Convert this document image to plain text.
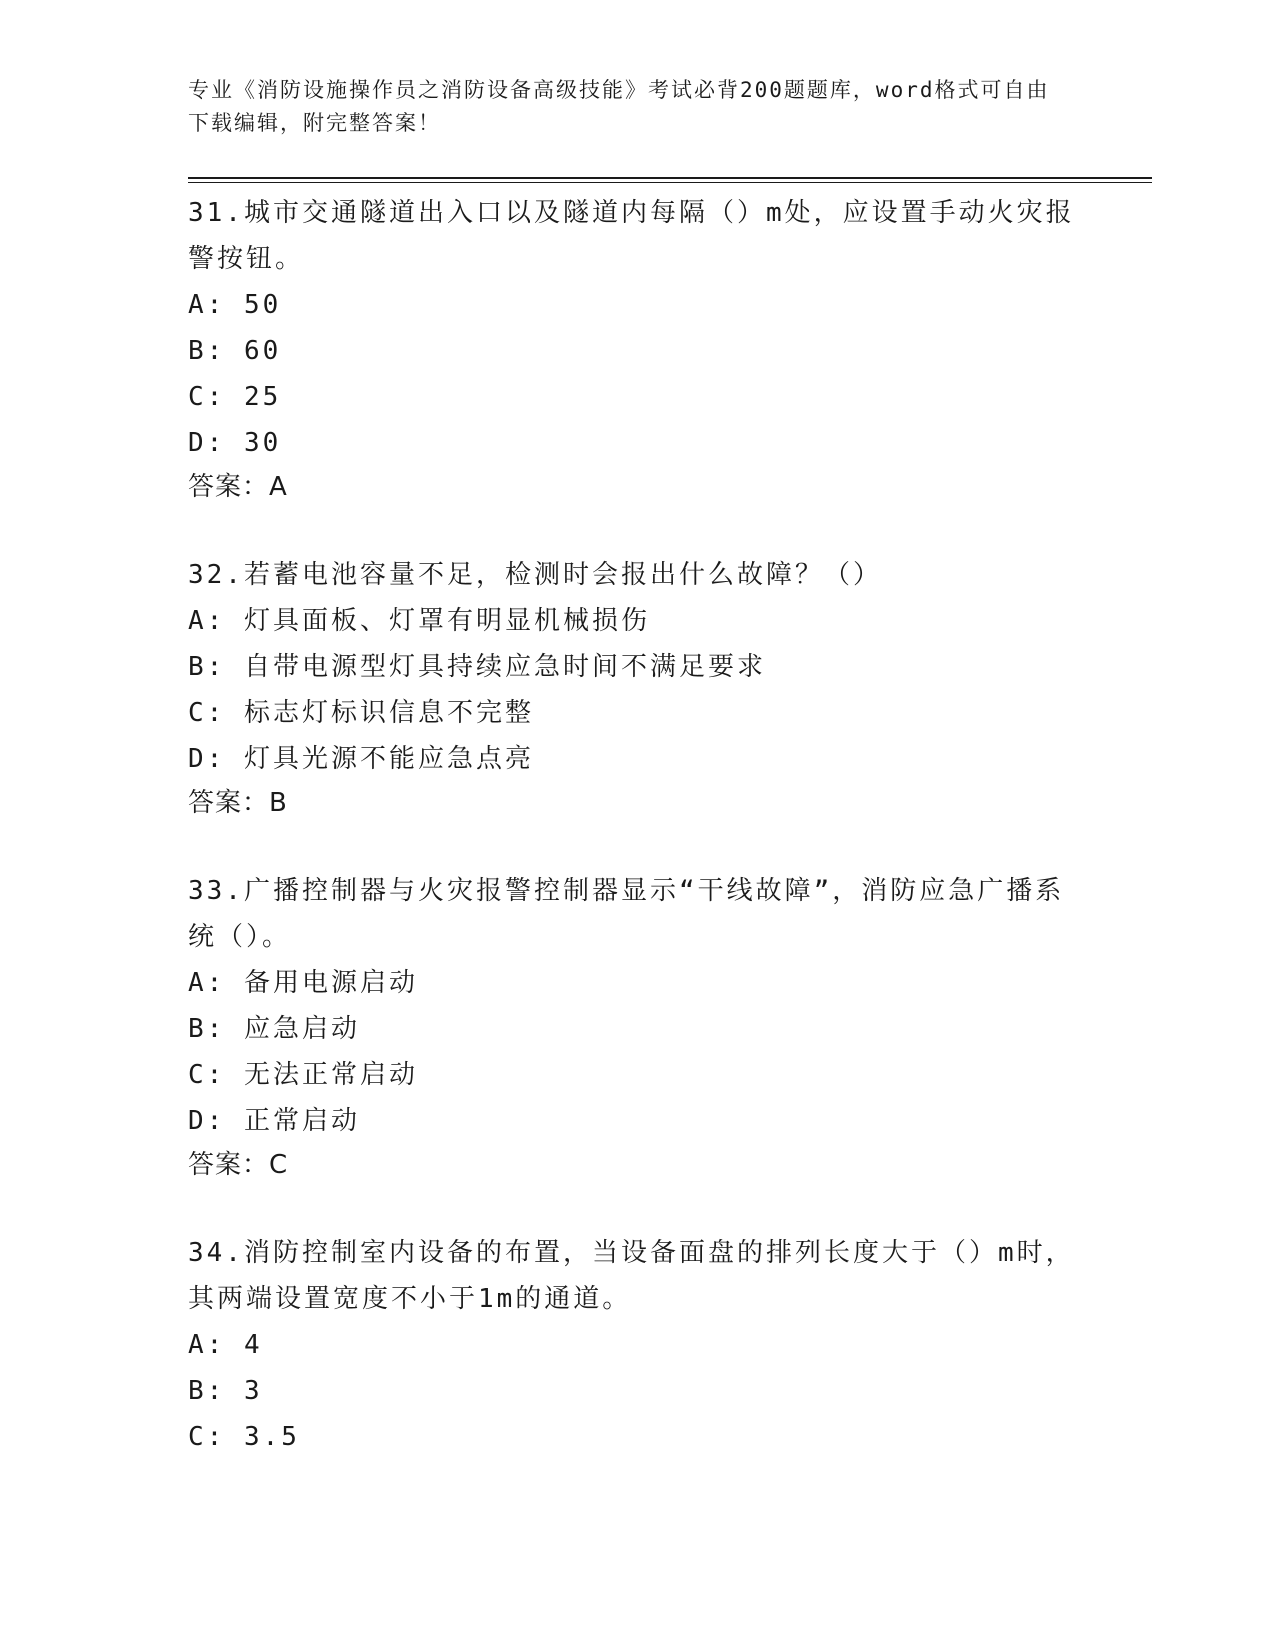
专业《消防设施操作员之消防设备高级技能》考试必背200题题库，word格式可自由下载编辑，附完整答案！
31.城市交通隧道出入口以及隧道内每隔（）m处，应设置手动火灾报警按钮。
A: 50
B: 60
C: 25
D: 30
答案：A
32.若蓄电池容量不足，检测时会报出什么故障？（）
A: 灯具面板、灯罩有明显机械损伤
B: 自带电源型灯具持续应急时间不满足要求
C: 标志灯标识信息不完整
D: 灯具光源不能应急点亮
答案：B
33.广播控制器与火灾报警控制器显示“干线故障”，消防应急广播系统（）。
A: 备用电源启动
B: 应急启动
C: 无法正常启动
D: 正常启动
答案：C
34.消防控制室内设备的布置，当设备面盘的排列长度大于（）m时，其两端设置宽度不小于1m的通道。
A: 4
B: 3
C: 3.5
